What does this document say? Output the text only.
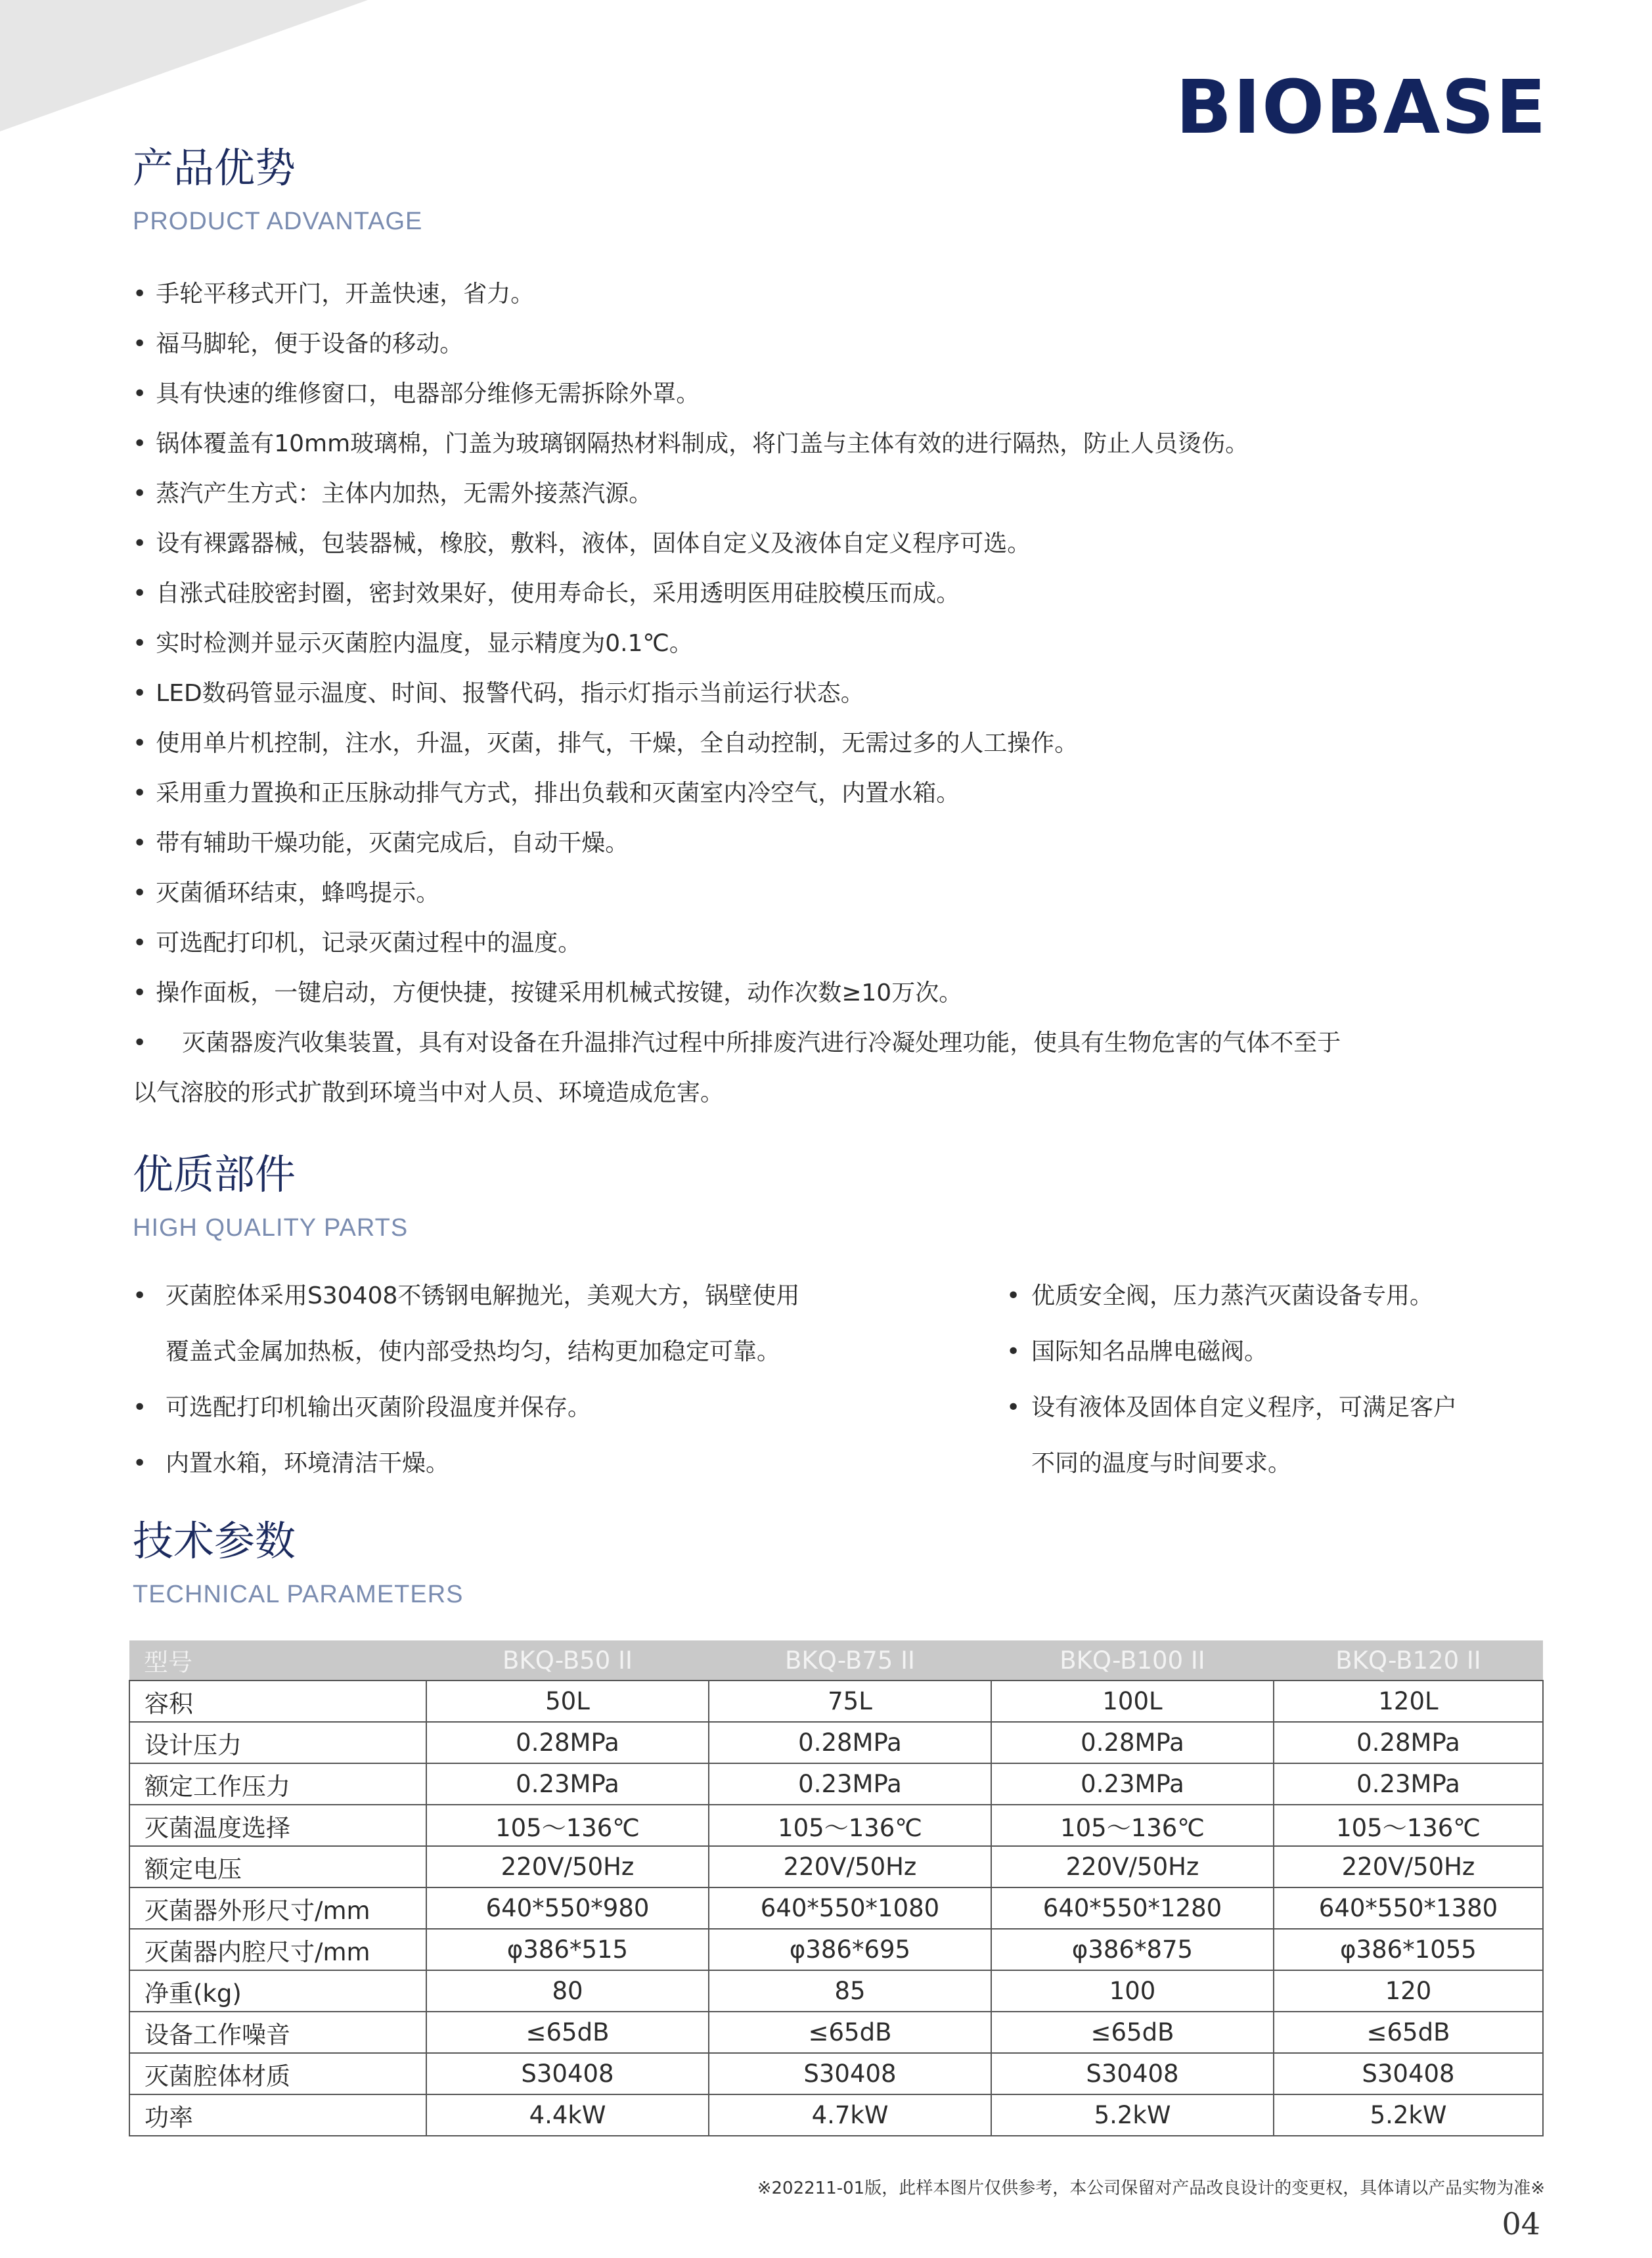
BIOBASE
产品优势
PRODUCT ADVANTAGE
• 手轮平移式开门，开盖快速，省力。
• 福马脚轮，便于设备的移动。
• 具有快速的维修窗口，电器部分维修无需拆除外罩。
• 锅体覆盖有10mm玻璃棉，门盖为玻璃钢隔热材料制成，将门盖与主体有效的进行隔热，防止人员烫伤。
• 蒸汽产生方式：主体内加热，无需外接蒸汽源。
• 设有裸露器械，包装器械，橡胶，敷料，液体，固体自定义及液体自定义程序可选。
• 自涨式硅胶密封圈，密封效果好，使用寿命长，采用透明医用硅胶模压而成。
• 实时检测并显示灭菌腔内温度，显示精度为0.1℃。
• LED数码管显示温度、时间、报警代码，指示灯指示当前运行状态。
• 使用单片机控制，注水，升温，灭菌，排气，干燥，全自动控制，无需过多的人工操作。
• 采用重力置换和正压脉动排气方式，排出负载和灭菌室内冷空气，内置水箱。
• 带有辅助干燥功能，灭菌完成后，自动干燥。
• 灭菌循环结束，蜂鸣提示。
• 可选配打印机，记录灭菌过程中的温度。
• 操作面板，一键启动，方便快捷，按键采用机械式按键，动作次数≥10万次。
• 灭菌器废汽收集装置，具有对设备在升温排汽过程中所排废汽进行冷凝处理功能，使具有生物危害的气体不至于
以气溶胶的形式扩散到环境当中对人员、环境造成危害。
优质部件
HIGH QUALITY PARTS
• 灭菌腔体采用S30408不锈钢电解抛光，美观大方，锅壁使用
覆盖式金属加热板，使内部受热均匀，结构更加稳定可靠。
• 可选配打印机输出灭菌阶段温度并保存。
• 内置水箱，环境清洁干燥。
• 优质安全阀，压力蒸汽灭菌设备专用。
• 国际知名品牌电磁阀。
• 设有液体及固体自定义程序，可满足客户
不同的温度与时间要求。
技术参数
TECHNICAL PARAMETERS
型号	BKQ-B50 II	BKQ-B75 II	BKQ-B100 II	BKQ-B120 II
容积	50L	75L	100L	120L
设计压力	0.28MPa	0.28MPa	0.28MPa	0.28MPa
额定工作压力	0.23MPa	0.23MPa	0.23MPa	0.23MPa
灭菌温度选择	105～136℃	105～136℃	105～136℃	105～136℃
额定电压	220V/50Hz	220V/50Hz	220V/50Hz	220V/50Hz
灭菌器外形尺寸/mm	640*550*980	640*550*1080	640*550*1280	640*550*1380
灭菌器内腔尺寸/mm	φ386*515	φ386*695	φ386*875	φ386*1055
净重(kg)	80	85	100	120
设备工作噪音	≤65dB	≤65dB	≤65dB	≤65dB
灭菌腔体材质	S30408	S30408	S30408	S30408
功率	4.4kW	4.7kW	5.2kW	5.2kW
※202211-01版，此样本图片仅供参考，本公司保留对产品改良设计的变更权，具体请以产品实物为准※
04
